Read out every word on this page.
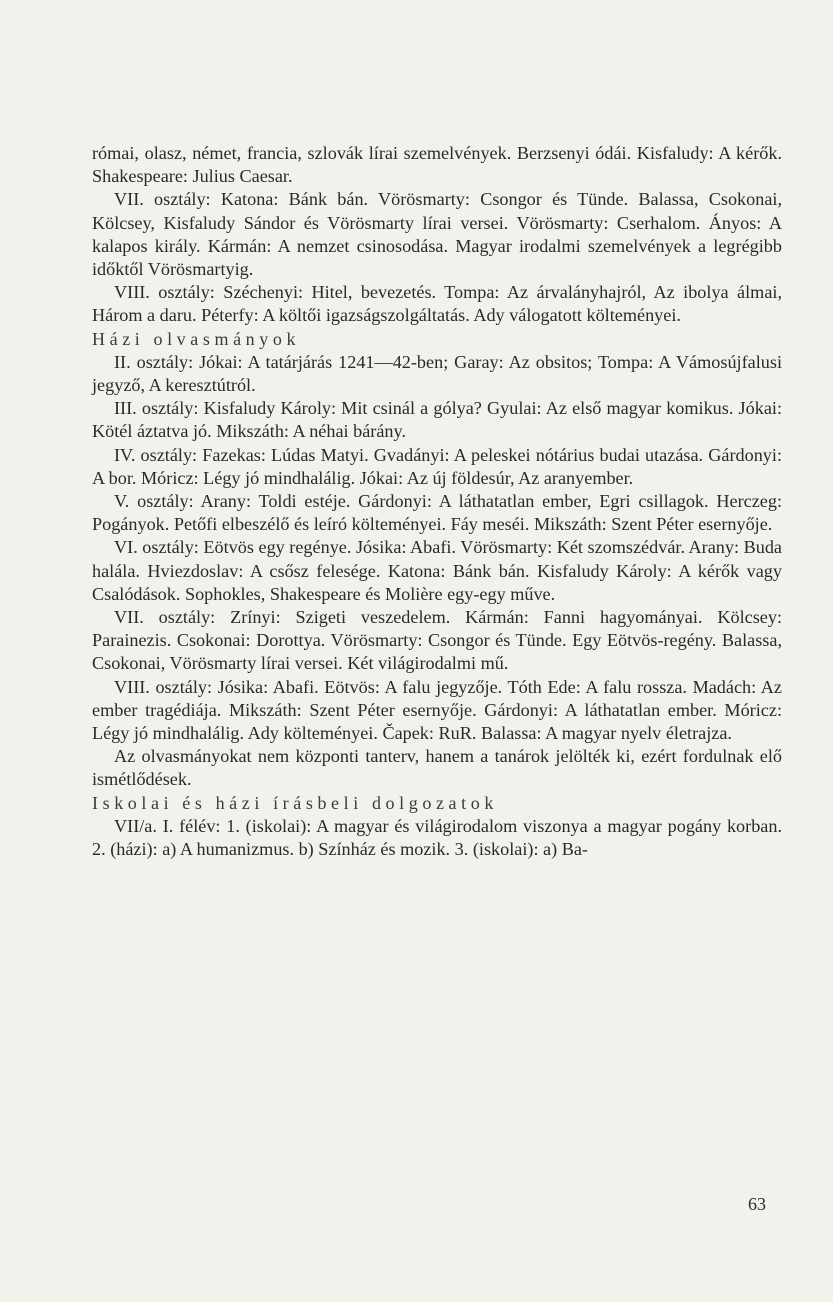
római, olasz, német, francia, szlovák lírai szemelvények. Berzsenyi ódái. Kisfaludy: A kérők. Shakespeare: Julius Caesar.

VII. osztály: Katona: Bánk bán. Vörösmarty: Csongor és Tünde. Balassa, Csokonai, Kölcsey, Kisfaludy Sándor és Vörösmarty lírai versei. Vörösmarty: Cserhalom. Ányos: A kalapos király. Kármán: A nemzet csinosodása. Magyar irodalmi szemelvények a legrégibb időktől Vörösmartyig.

VIII. osztály: Széchenyi: Hitel, bevezetés. Tompa: Az árvalányhajról, Az ibolya álmai, Három a daru. Péterfy: A költői igazságszolgáltatás. Ady válogatott költeményei.

Házi olvasmányok

II. osztály: Jókai: A tatárjárás 1241—42-ben; Garay: Az obsitos; Tompa: A Vámosújfalusi jegyző, A keresztútról.

III. osztály: Kisfaludy Károly: Mit csinál a gólya? Gyulai: Az első magyar komikus. Jókai: Kötél áztatva jó. Mikszáth: A néhai bárány.

IV. osztály: Fazekas: Lúdas Matyi. Gvadányi: A peleskei nótárius budai utazása. Gárdonyi: A bor. Móricz: Légy jó mindhalálig. Jókai: Az új földesúr, Az aranyember.

V. osztály: Arany: Toldi estéje. Gárdonyi: A láthatatlan ember, Egri csillagok. Herczeg: Pogányok. Petőfi elbeszélő és leíró költeményei. Fáy meséi. Mikszáth: Szent Péter esernyője.

VI. osztály: Eötvös egy regénye. Jósika: Abafi. Vörösmarty: Két szomszédvár. Arany: Buda halála. Hviezdoslav: A csősz felesége. Katona: Bánk bán. Kisfaludy Károly: A kérők vagy Csalódások. Sophokles, Shakespeare és Molière egy-egy műve.

VII. osztály: Zrínyi: Szigeti veszedelem. Kármán: Fanni hagyományai. Kölcsey: Parainezis. Csokonai: Dorottya. Vörösmarty: Csongor és Tünde. Egy Eötvös-regény. Balassa, Csokonai, Vörösmarty lírai versei. Két világirodalmi mű.

VIII. osztály: Jósika: Abafi. Eötvös: A falu jegyzője. Tóth Ede: A falu rossza. Madách: Az ember tragédiája. Mikszáth: Szent Péter esernyője. Gárdonyi: A láthatatlan ember. Móricz: Légy jó mindhalálig. Ady költeményei. Čapek: RuR. Balassa: A magyar nyelv életrajza.

Az olvasmányokat nem központi tanterv, hanem a tanárok jelölték ki, ezért fordulnak elő ismétlődések.

Iskolai és házi írásbeli dolgozatok

VII/a. I. félév: 1. (iskolai): A magyar és világirodalom viszonya a magyar pogány korban. 2. (házi): a) A humanizmus. b) Színház és mozik. 3. (iskolai): a) Ba-

63
